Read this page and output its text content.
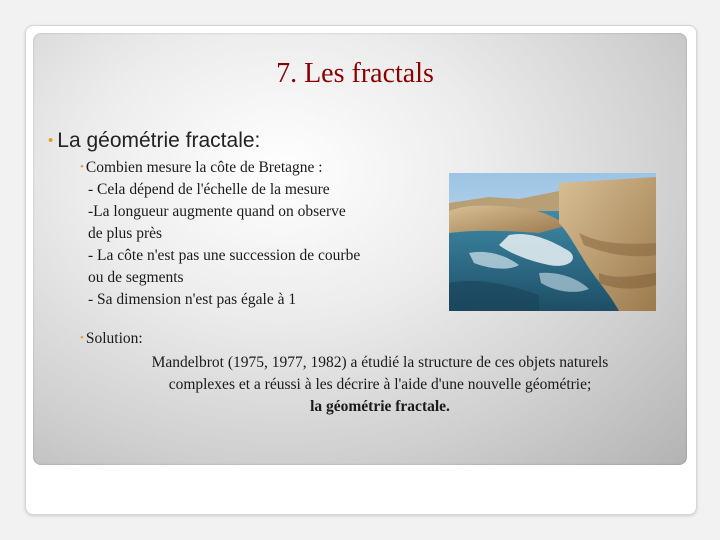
7. Les fractals
• La géométrie fractale:
• Combien mesure la côte de Bretagne :
- Cela dépend de l'échelle de la mesure
-La longueur augmente quand on observe
de plus près
- La côte n'est pas une succession de courbe
ou de segments
- Sa dimension n'est pas égale à 1
• Solution:
Mandelbrot (1975, 1977, 1982) a étudié la structure de ces objets naturels
complexes et a réussi à les décrire à l'aide d'une nouvelle géométrie;
la géométrie fractale.
